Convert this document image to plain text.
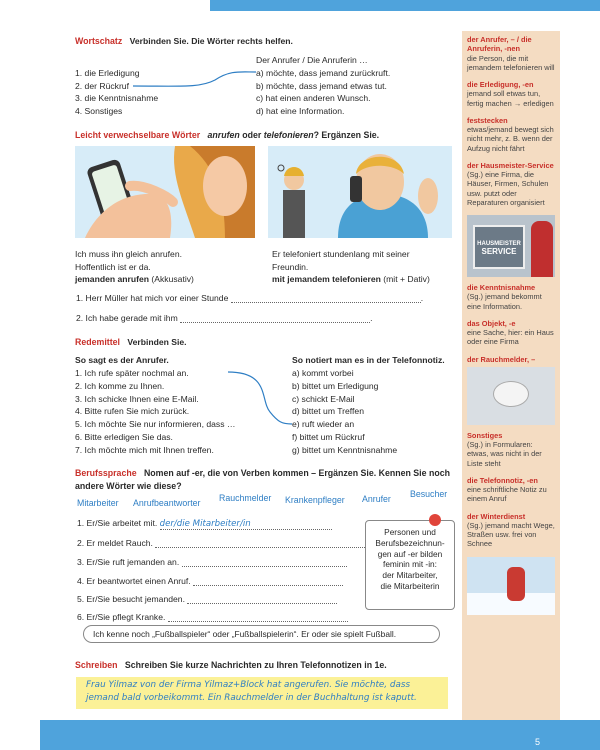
5
Wortschatz Verbinden Sie. Die Wörter rechts helfen.
Der Anrufer / Die Anruferin …
1. die Erledigung
2. der Rückruf
3. die Kenntnisnahme
4. Sonstiges
a) möchte, dass jemand zurückruft.
b) möchte, dass jemand etwas tut.
c) hat einen anderen Wunsch.
d) hat eine Information.
Leicht verwechselbare Wörter anrufen oder telefonieren? Ergänzen Sie.
Ich muss ihn gleich anrufen.
Hoffentlich ist er da.
jemanden anrufen (Akkusativ)
Er telefoniert stundenlang mit seiner
Freundin.
mit jemandem telefonieren (mit + Dativ)
1. Herr Müller hat mich vor einer Stunde	.
2. Ich habe gerade mit ihm	.
Redemittel Verbinden Sie.
So sagt es der Anrufer.	So notiert man es in der Telefonnotiz.
1. Ich rufe später nochmal an.
2. Ich komme zu Ihnen.
3. Ich schicke Ihnen eine E-Mail.
4. Bitte rufen Sie mich zurück.
5. Ich möchte Sie nur informieren, dass …
6. Bitte erledigen Sie das.
7. Ich möchte mich mit Ihnen treffen.
a) kommt vorbei
b) bittet um Erledigung
c) schickt E-Mail
d) bittet um Treffen
e) ruft wieder an
f) bittet um Rückruf
g) bittet um Kenntnisnahme
Berufssprache Nomen auf -er, die von Verben kommen – Ergänzen Sie. Kennen Sie noch
andere Wörter wie diese?
Mitarbeiter Anrufbeantworter Rauchmelder Krankenpfleger Anrufer Besucher
1. Er/Sie arbeitet mit. der/die Mitarbeiter/in
2. Er meldet Rauch.
3. Er/Sie ruft jemanden an.
4. Er beantwortet einen Anruf.
5. Er/Sie besucht jemanden.
6. Er/Sie pflegt Kranke.
Personen und
Berufsbezeichnun-
gen auf -er bilden
feminin mit -in:
der Mitarbeiter,
die Mitarbeiterin
Ich kenne noch „Fußballspieler“ oder „Fußballspielerin“. Er oder sie spielt Fußball.
Schreiben Schreiben Sie kurze Nachrichten zu Ihren Telefonnotizen in 1e.
Frau Yilmaz von der Firma Yilmaz+Block hat angerufen. Sie möchte, dass
jemand bald vorbeikommt. Ein Rauchmelder in der Buchhaltung ist kaputt.
der Anrufer, – / die Anruferin, -nen
die Person, die mit jemandem telefonieren will
die Erledigung, -en
jemand soll etwas tun, fertig machen → erledigen
feststecken
etwas/jemand bewegt sich nicht mehr, z. B. wenn der Aufzug nicht fährt
der Hausmeister-Service
(Sg.) eine Firma, die Häuser, Firmen, Schulen usw. putzt oder Reparaturen organisiert
HAUSMEISTER
SERVICE
die Kenntnisnahme
(Sg.) jemand bekommt eine Information.
das Objekt, -e
eine Sache, hier: ein Haus oder eine Firma
der Rauchmelder, –
Sonstiges
(Sg.) in Formularen: etwas, was nicht in der Liste steht
die Telefonnotiz, -en
eine schriftliche Notiz zu einem Anruf
der Winterdienst
(Sg.) jemand macht Wege, Straßen usw. frei von Schnee
